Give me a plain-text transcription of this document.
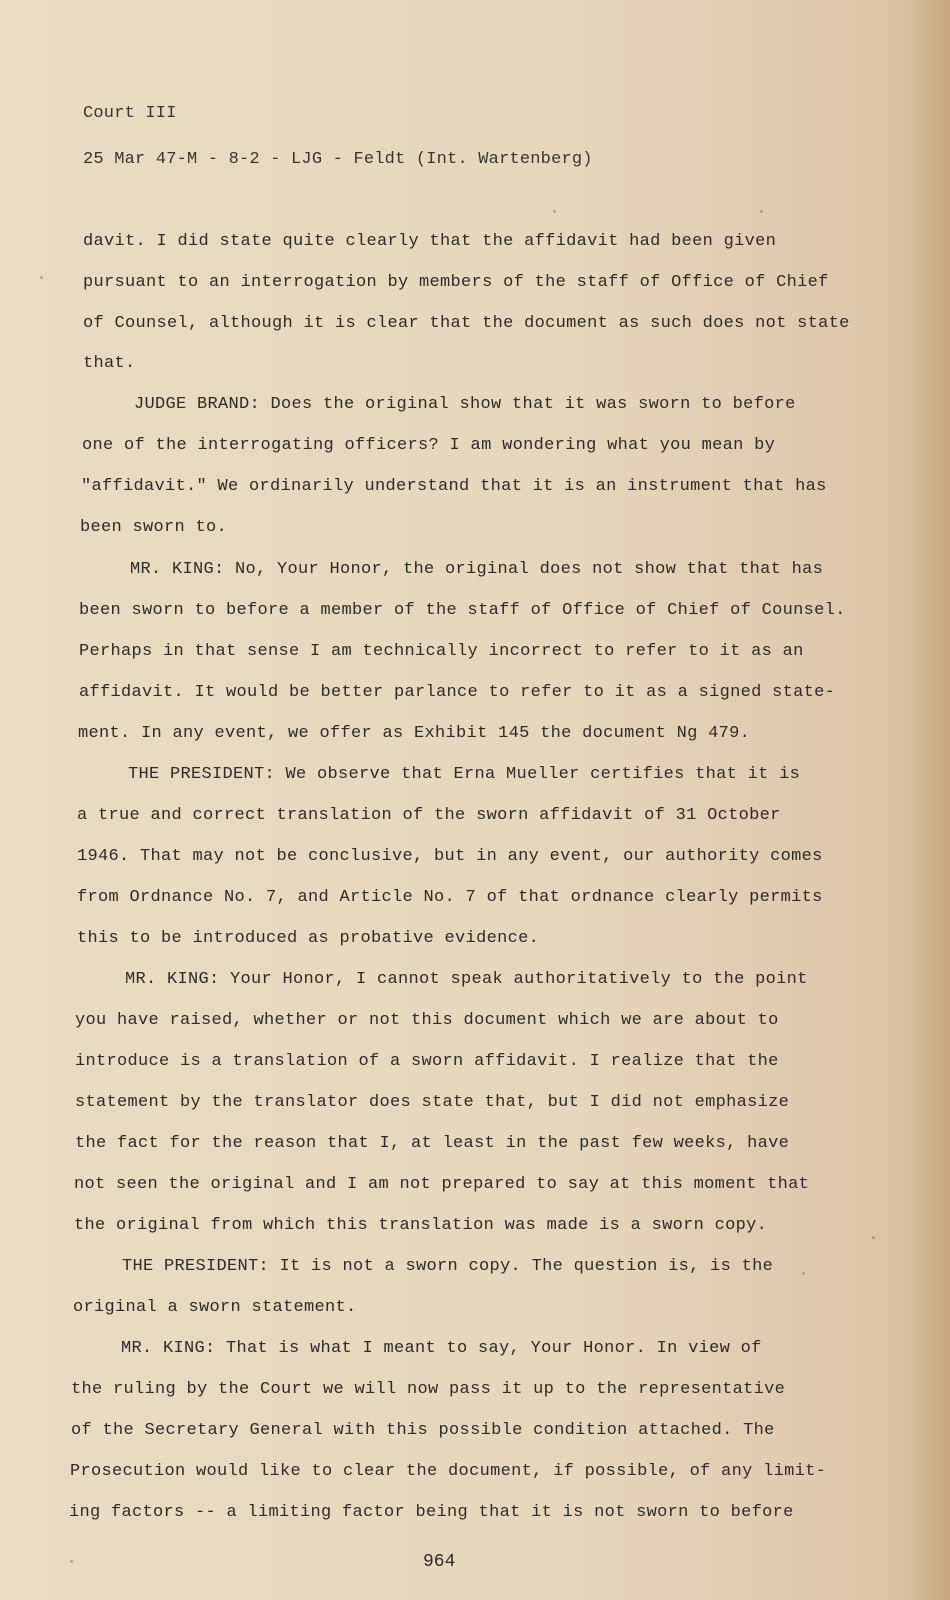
Court III
25 Mar 47-M - 8-2 - LJG - Feldt (Int. Wartenberg)
davit. I did state quite clearly that the affidavit had been given
pursuant to an interrogation by members of the staff of Office of Chief
of Counsel, although it is clear that the document as such does not state
that.
JUDGE BRAND: Does the original show that it was sworn to before
one of the interrogating officers? I am wondering what you mean by
"affidavit." We ordinarily understand that it is an instrument that has
been sworn to.
MR. KING: No, Your Honor, the original does not show that that has
been sworn to before a member of the staff of Office of Chief of Counsel.
Perhaps in that sense I am technically incorrect to refer to it as an
affidavit. It would be better parlance to refer to it as a signed state-
ment. In any event, we offer as Exhibit 145 the document Ng 479.
THE PRESIDENT: We observe that Erna Mueller certifies that it is
a true and correct translation of the sworn affidavit of 31 October
1946. That may not be conclusive, but in any event, our authority comes
from Ordnance No. 7, and Article No. 7 of that ordnance clearly permits
this to be introduced as probative evidence.
MR. KING: Your Honor, I cannot speak authoritatively to the point
you have raised, whether or not this document which we are about to
introduce is a translation of a sworn affidavit. I realize that the
statement by the translator does state that, but I did not emphasize
the fact for the reason that I, at least in the past few weeks, have
not seen the original and I am not prepared to say at this moment that
the original from which this translation was made is a sworn copy.
THE PRESIDENT: It is not a sworn copy. The question is, is the
original a sworn statement.
MR. KING: That is what I meant to say, Your Honor. In view of
the ruling by the Court we will now pass it up to the representative
of the Secretary General with this possible condition attached. The
Prosecution would like to clear the document, if possible, of any limit-
ing factors -- a limiting factor being that it is not sworn to before
964
